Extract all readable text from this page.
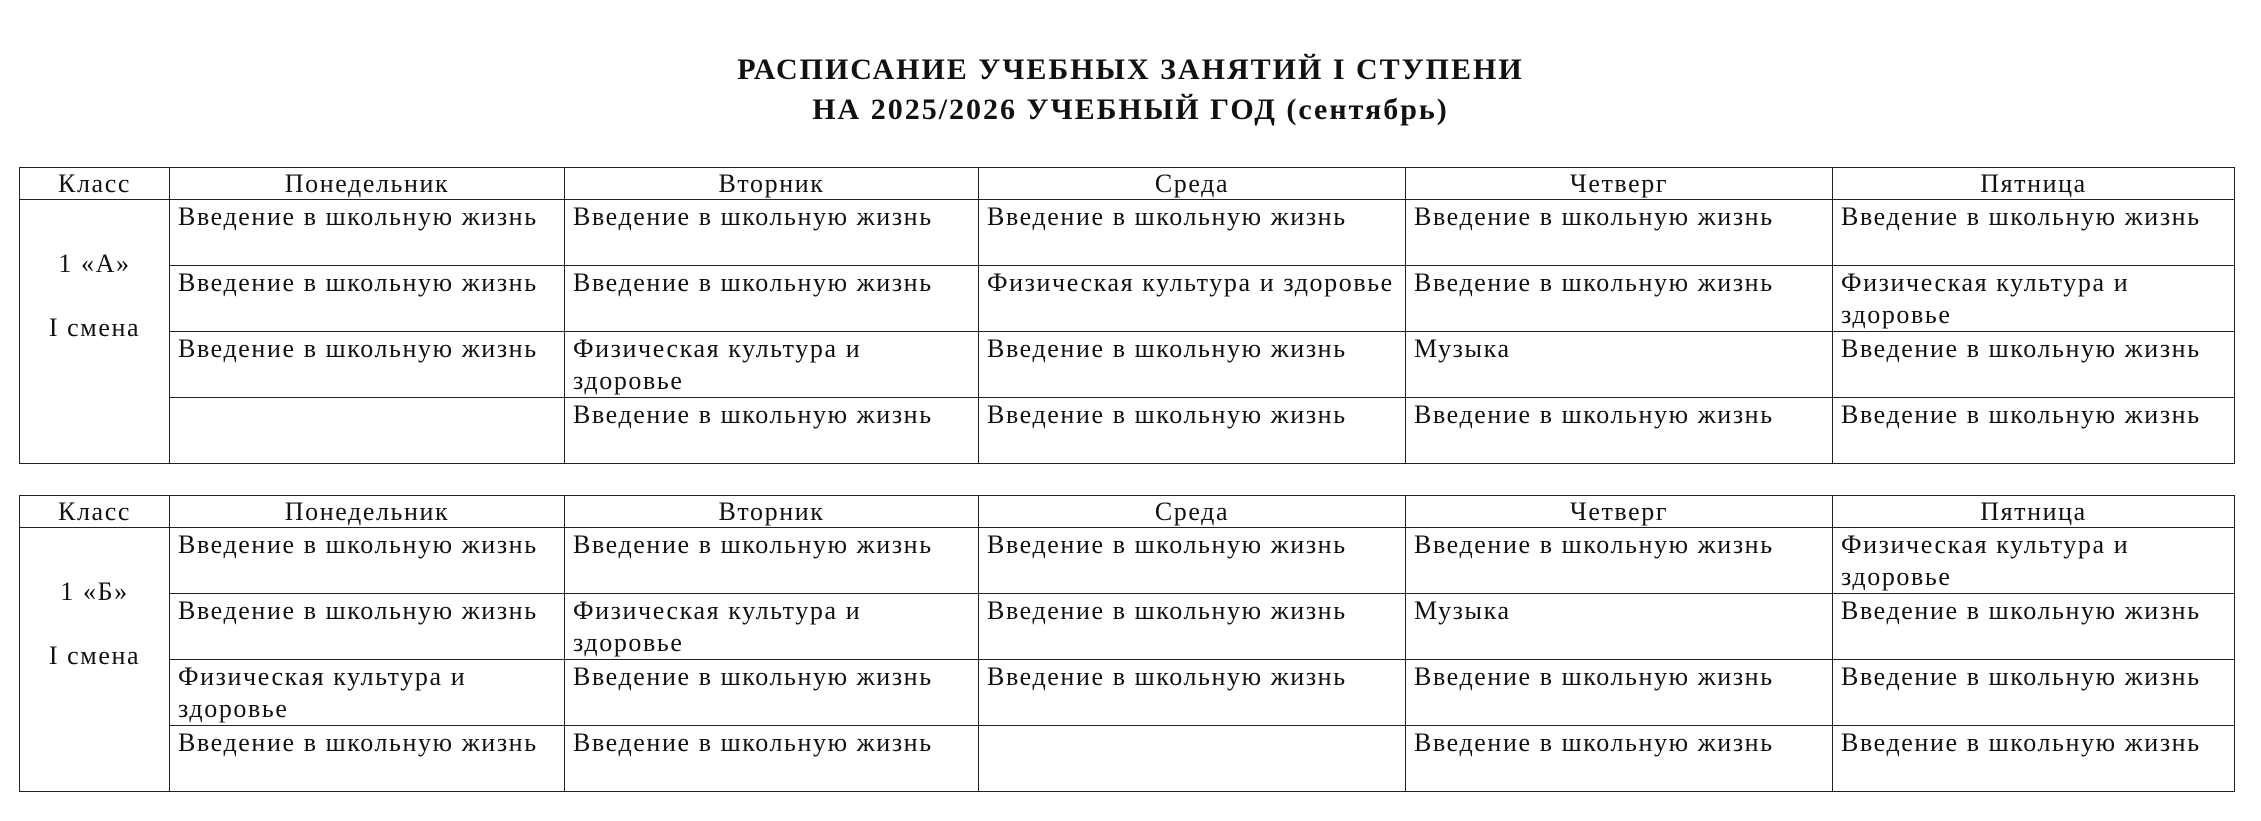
РАСПИСАНИЕ УЧЕБНЫХ ЗАНЯТИЙ I СТУПЕНИ
НА 2025/2026 УЧЕБНЫЙ ГОД (сентябрь)
Класс	Понедельник	Вторник	Среда	Четверг	Пятница

1 «А»
I смена	Введение в школьную жизнь	Введение в школьную жизнь	Введение в школьную жизнь	Введение в школьную жизнь	Введение в школьную жизнь
	Введение в школьную жизнь	Введение в школьную жизнь	Физическая культура и здоровье	Введение в школьную жизнь	Физическая культура и здоровье
	Введение в школьную жизнь	Физическая культура и здоровье	Введение в школьную жизнь	Музыка	Введение в школьную жизнь
		Введение в школьную жизнь	Введение в школьную жизнь	Введение в школьную жизнь	Введение в школьную жизнь
Класс	Понедельник	Вторник	Среда	Четверг	Пятница

1 «Б»
I смена	Введение в школьную жизнь	Введение в школьную жизнь	Введение в школьную жизнь	Введение в школьную жизнь	Физическая культура и здоровье
	Введение в школьную жизнь	Физическая культура и здоровье	Введение в школьную жизнь	Музыка	Введение в школьную жизнь
	Физическая культура и здоровье	Введение в школьную жизнь	Введение в школьную жизнь	Введение в школьную жизнь	Введение в школьную жизнь
	Введение в школьную жизнь	Введение в школьную жизнь		Введение в школьную жизнь	Введение в школьную жизнь
